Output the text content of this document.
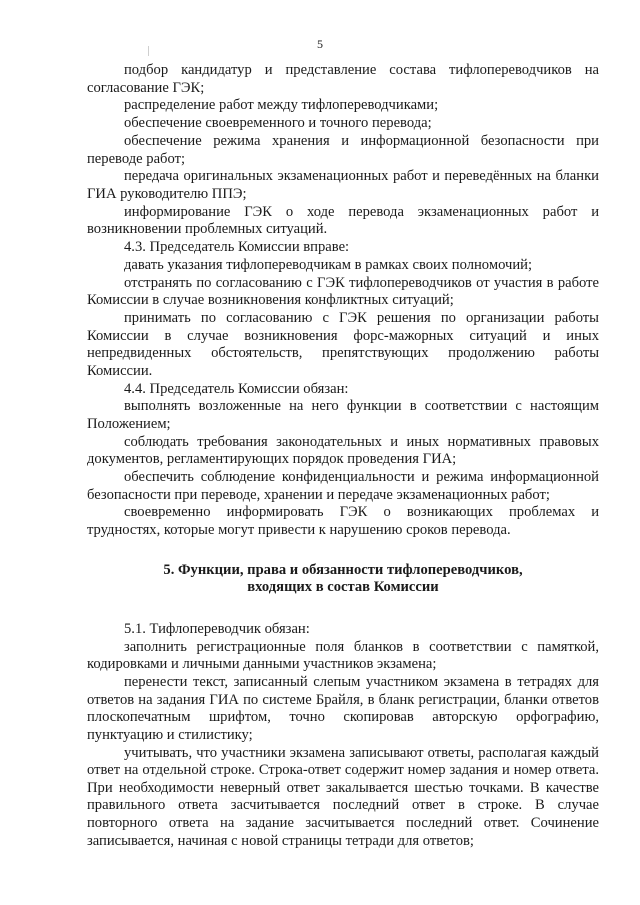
5

подбор кандидатур и представление состава тифлопереводчиков на согласование ГЭК;

распределение работ между тифлопереводчиками;

обеспечение своевременного и точного перевода;

обеспечение режима хранения и информационной безопасности при переводе работ;

передача оригинальных экзаменационных работ и переведённых на бланки ГИА руководителю ППЭ;

информирование ГЭК о ходе перевода экзаменационных работ и возникновении проблемных ситуаций.

4.3. Председатель Комиссии вправе:

давать указания тифлопереводчикам в рамках своих полномочий;

отстранять по согласованию с ГЭК тифлопереводчиков от участия в работе Комиссии в случае возникновения конфликтных ситуаций;

принимать по согласованию с ГЭК решения по организации работы Комиссии в случае возникновения форс-мажорных ситуаций и иных непредвиденных обстоятельств, препятствующих продолжению работы Комиссии.

4.4. Председатель Комиссии обязан:

выполнять возложенные на него функции в соответствии с настоящим Положением;

соблюдать требования законодательных и иных нормативных правовых документов, регламентирующих порядок проведения ГИА;

обеспечить соблюдение конфиденциальности и режима информационной безопасности при переводе, хранении и передаче экзаменационных работ;

своевременно информировать ГЭК о возникающих проблемах и трудностях, которые могут привести к нарушению сроков перевода.

5. Функции, права и обязанности тифлопереводчиков,
входящих в состав Комиссии

5.1. Тифлопереводчик обязан:

заполнить регистрационные поля бланков в соответствии с памяткой, кодировками и личными данными участников экзамена;

перенести текст, записанный слепым участником экзамена в тетрадях для ответов на задания ГИА по системе Брайля, в бланк регистрации, бланки ответов плоскопечатным шрифтом, точно скопировав авторскую орфографию, пунктуацию и стилистику;

учитывать, что участники экзамена записывают ответы, располагая каждый ответ на отдельной строке. Строка-ответ содержит номер задания и номер ответа. При необходимости неверный ответ закалывается шестью точками. В качестве правильного ответа засчитывается последний ответ в строке. В случае повторного ответа на задание засчитывается последний ответ. Сочинение записывается, начиная с новой страницы тетради для ответов;
